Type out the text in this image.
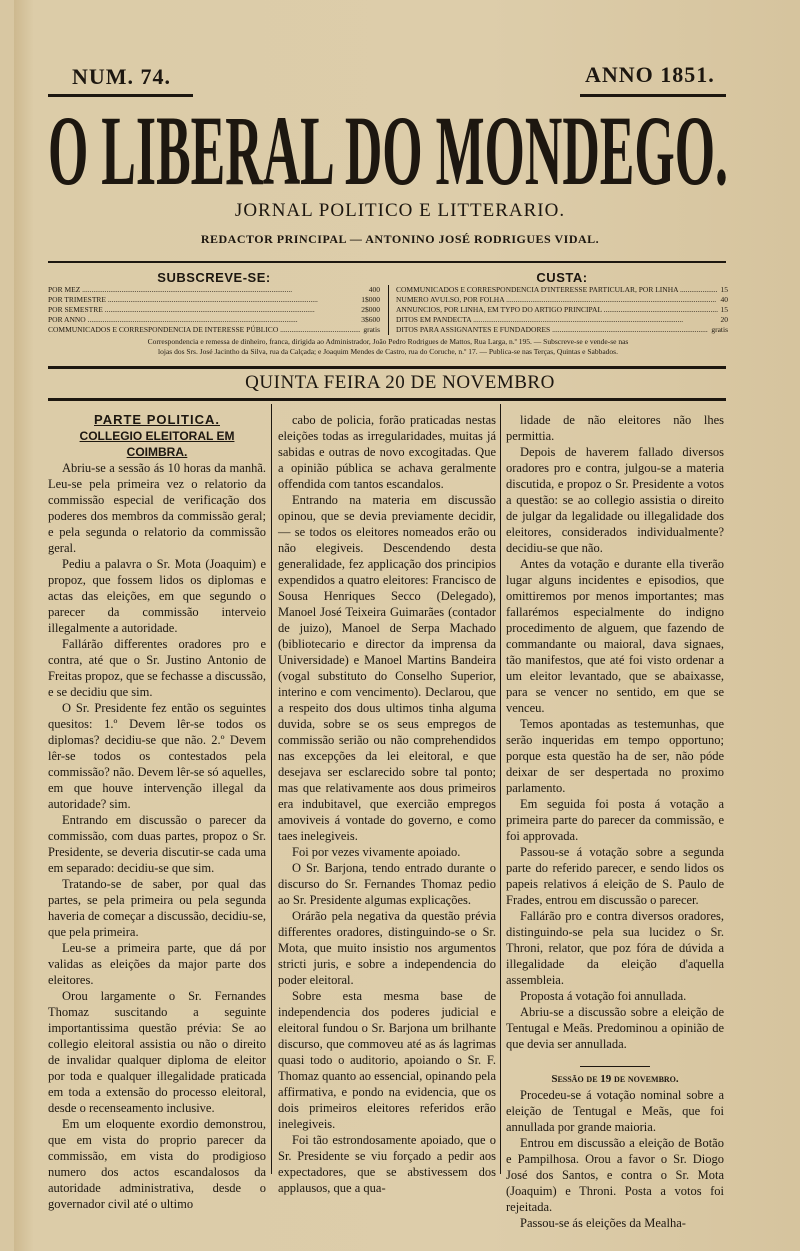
NUM. 74.	ANNO 1851.
O LIBERAL DO MONDEGO.
JORNAL POLITICO E LITTERARIO.
REDACTOR PRINCIPAL — ANTONINO JOSÉ RODRIGUES VIDAL.
SUBSCREVE-SE:
POR MEZ .....	400
POR TRIMESTRE .....	1$000
POR SEMESTRE .....	2$000
POR ANNO .....	3$600
COMMUNICADOS E CORRESPONDENCIA DE INTERESSE PÚBLICO .....	gratis
CUSTA:
COMMUNICADOS E CORRESPONDENCIA D'INTERESSE PARTICULAR, POR LINHA .....	15
NUMERO AVULSO, POR FOLHA .....	40
ANNUNCIOS, POR LINHA, EM TYPO DO ARTIGO PRINCIPAL .....	15
DITOS EM PANDECTA .....	20
DITOS PARA ASSIGNANTES E FUNDADORES .....	gratis
Correspondencia e remessa de dinheiro, franca, dirigida ao Administrador, João Pedro Rodrigues de Mattos, Rua Larga, n.º 195. — Subscreve-se e vende-se nas
lojas dos Srs. José Jacintho da Silva, rua da Calçada; e Joaquim Mendes de Castro, rua do Coruche, n.º 17. — Publica-se nas Terças, Quintas e Sabbados.
QUINTA FEIRA 20 DE NOVEMBRO

PARTE POLITICA.

COLLEGIO ELEITORAL EM COIMBRA.

Abriu-se a sessão ás 10 horas da manhã. Leu-se pela primeira vez o relatorio da commissão especial de verificação dos poderes dos membros da commissão geral; e pela segunda o relatorio da commissão geral.

Pediu a palavra o Sr. Mota (Joaquim) e propoz, que fossem lidos os diplomas e actas das eleições, em que segundo o parecer da commissão interveio illegalmente a autoridade.

Fallárão differentes oradores pro e contra, até que o Sr. Justino Antonio de Freitas propoz, que se fechasse a discussão, e se decidiu que sim.

O Sr. Presidente fez então os seguintes quesitos: 1.º Devem lêr-se todos os diplomas? decidiu-se que não. 2.º Devem lêr-se todos os contestados pela commissão? não. Devem lêr-se só aquelles, em que houve intervenção illegal da autoridade? sim.

Entrando em discussão o parecer da commissão, com duas partes, propoz o Sr. Presidente, se deveria discutir-se cada uma em separado: decidiu-se que sim.

Tratando-se de saber, por qual das partes, se pela primeira ou pela segunda haveria de começar a discussão, decidiu-se, que pela primeira.

Leu-se a primeira parte, que dá por validas as eleições da major parte dos eleitores.

Orou largamente o Sr. Fernandes Thomaz suscitando a seguinte importantissima questão prévia: Se ao collegio eleitoral assistia ou não o direito de invalidar qualquer diploma de eleitor por toda e qualquer illegalidade praticada em toda a extensão do processo eleitoral, desde o recenseamento inclusive.

Em um eloquente exordio demonstrou, que em vista do proprio parecer da commissão, em vista do prodigioso numero dos actos escandalosos da autoridade administrativa, desde o governador civil até o ultimo

cabo de policia, forão praticadas nestas eleições todas as irregularidades, muitas já sabidas e outras de novo excogitadas. Que a opinião pública se achava geralmente offendida com tantos escandalos.

Entrando na materia em discussão opinou, que se devia previamente decidir, — se todos os eleitores nomeados erão ou não elegiveis. Descendendo desta generalidade, fez applicação dos principios expendidos a quatro eleitores: Francisco de Sousa Henriques Secco (Delegado), Manoel José Teixeira Guimarães (contador de juizo), Manoel de Serpa Machado (bibliotecario e director da imprensa da Universidade) e Manoel Martins Bandeira (vogal substituto do Conselho Superior, interino e com vencimento). Declarou, que a respeito dos dous ultimos tinha alguma duvida, sobre se os seus empregos de commissão serião ou não comprehendidos nas excepções da lei eleitoral, e que desejava ser esclarecido sobre tal ponto; mas que relativamente aos dous primeiros era indubitavel, que exercião empregos amoviveis á vontade do governo, e como taes inelegiveis.

Foi por vezes vivamente apoiado.

O Sr. Barjona, tendo entrado durante o discurso do Sr. Fernandes Thomaz pedio ao Sr. Presidente algumas explicações.

Orárão pela negativa da questão prévia differentes oradores, distinguindo-se o Sr. Mota, que muito insistio nos argumentos stricti juris, e sobre a independencia do poder eleitoral.

Sobre esta mesma base de independencia dos poderes judicial e eleitoral fundou o Sr. Barjona um brilhante discurso, que commoveu até as ás lagrimas quasi todo o auditorio, apoiando o Sr. F. Thomaz quanto ao essencial, opinando pela affirmativa, e pondo na evidencia, que os dois primeiros eleitores referidos erão inelegiveis.

Foi tão estrondosamente apoiado, que o Sr. Presidente se viu forçado a pedir aos expectadores, que se abstivessem dos applausos, que a qua-

lidade de não eleitores não lhes permittia.

Depois de haverem fallado diversos oradores pro e contra, julgou-se a materia discutida, e propoz o Sr. Presidente a votos a questão: se ao collegio assistia o direito de julgar da legalidade ou illegalidade dos eleitores, considerados individualmente? decidiu-se que não.

Antes da votação e durante ella tiverão lugar alguns incidentes e episodios, que omittiremos por menos importantes; mas fallarémos especialmente do indigno procedimento de alguem, que fazendo de commandante ou maioral, dava signaes, tão manifestos, que até foi visto ordenar a um eleitor levantado, que se abaixasse, para se vencer no sentido, em que se venceu.

Temos apontadas as testemunhas, que serão inqueridas em tempo opportuno; porque esta questão ha de ser, não póde deixar de ser despertada no proximo parlamento.

Em seguida foi posta á votação a primeira parte do parecer da commissão, e foi approvada.

Passou-se á votação sobre a segunda parte do referido parecer, e sendo lidos os papeis relativos á eleição de S. Paulo de Frades, entrou em discussão o parecer.

Fallárão pro e contra diversos oradores, distinguindo-se pela sua lucidez o Sr. Throni, relator, que poz fóra de dúvida a illegalidade da eleição d'aquella assembleia.

Proposta á votação foi annullada.

Abriu-se a discussão sobre a eleição de Tentugal e Meãs. Predominou a opinião de que devia ser annullada.

Sessão de 19 de novembro.

Procedeu-se á votação nominal sobre a eleição de Tentugal e Meãs, que foi annullada por grande maioria.

Entrou em discussão a eleição de Botão e Pampilhosa. Orou a favor o Sr. Diogo José dos Santos, e contra o Sr. Mota (Joaquim) e Throni. Posta a votos foi rejeitada.

Passou-se ás eleições da Mealha-
